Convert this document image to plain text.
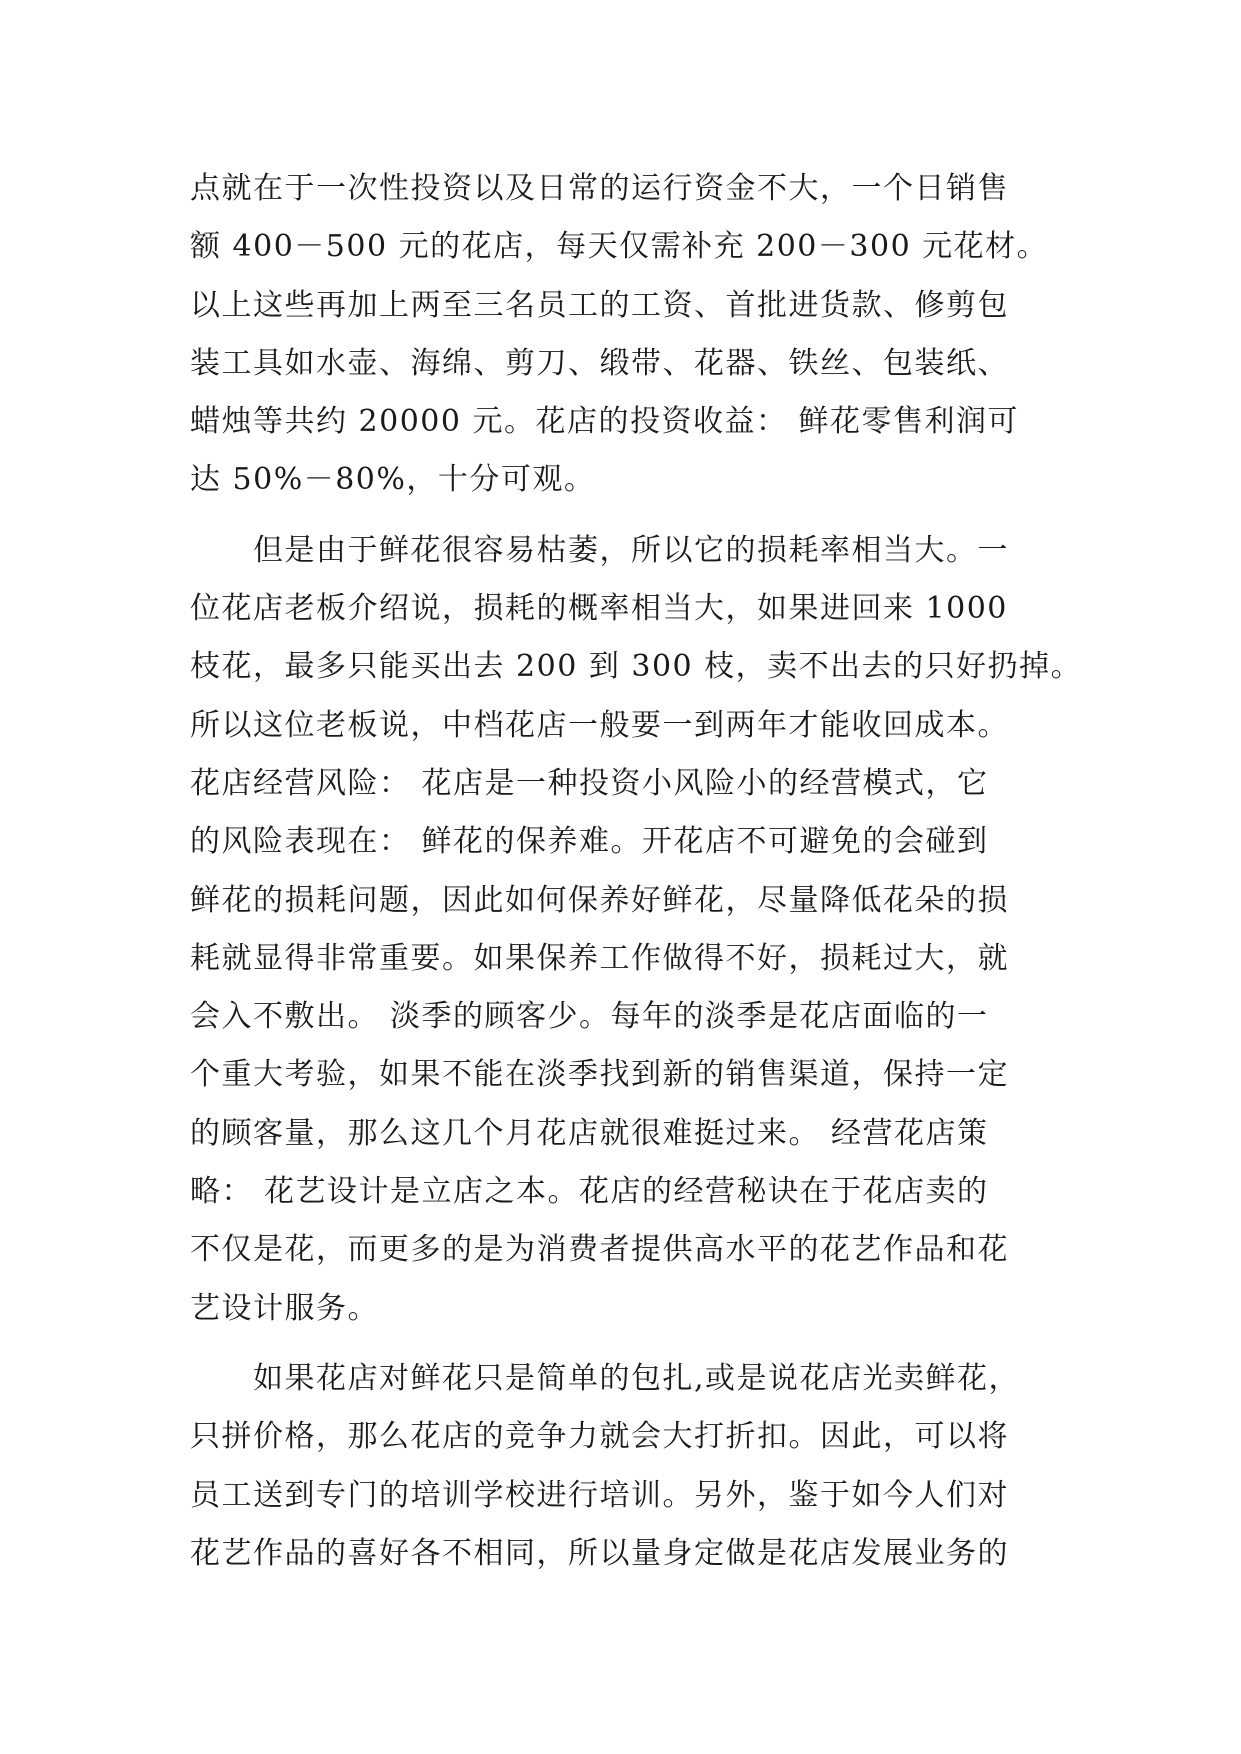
点就在于一次性投资以及日常的运行资金不大，一个日销售
额 400－500 元的花店，每天仅需补充 200－300 元花材。
以上这些再加上两至三名员工的工资、首批进货款、修剪包
装工具如水壶、海绵、剪刀、缎带、花器、铁丝、包装纸、
蜡烛等共约 20000 元。花店的投资收益： 鲜花零售利润可
达 50%－80%，十分可观。
　　但是由于鲜花很容易枯萎，所以它的损耗率相当大。一
位花店老板介绍说，损耗的概率相当大，如果进回来 1000
枝花，最多只能买出去 200 到 300 枝，卖不出去的只好扔掉。
所以这位老板说，中档花店一般要一到两年才能收回成本。
花店经营风险： 花店是一种投资小风险小的经营模式，它
的风险表现在： 鲜花的保养难。开花店不可避免的会碰到
鲜花的损耗问题，因此如何保养好鲜花，尽量降低花朵的损
耗就显得非常重要。如果保养工作做得不好，损耗过大，就
会入不敷出。 淡季的顾客少。每年的淡季是花店面临的一
个重大考验，如果不能在淡季找到新的销售渠道，保持一定
的顾客量，那么这几个月花店就很难挺过来。 经营花店策
略： 花艺设计是立店之本。花店的经营秘诀在于花店卖的
不仅是花，而更多的是为消费者提供高水平的花艺作品和花
艺设计服务。
　　如果花店对鲜花只是简单的包扎,或是说花店光卖鲜花，
只拼价格，那么花店的竞争力就会大打折扣。因此，可以将
员工送到专门的培训学校进行培训。另外，鉴于如今人们对
花艺作品的喜好各不相同，所以量身定做是花店发展业务的
